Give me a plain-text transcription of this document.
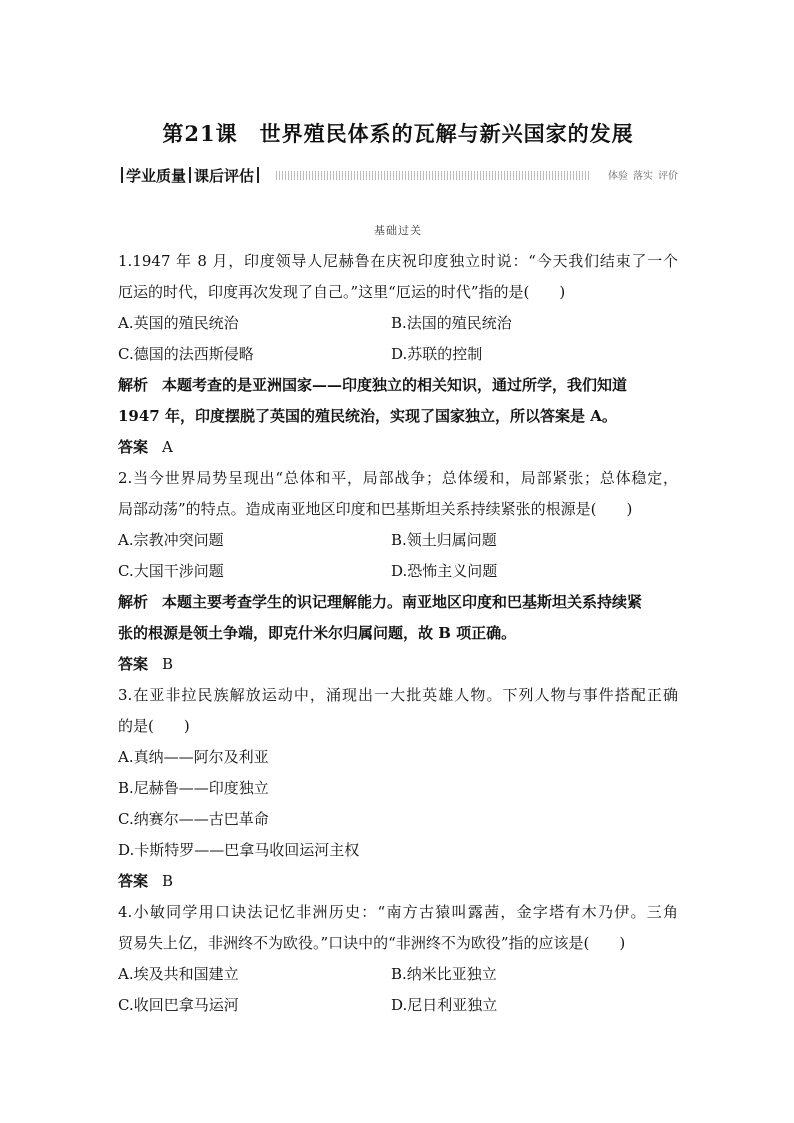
第21课　世界殖民体系的瓦解与新兴国家的发展
学业质量 课后评估	体验 落实 评价
基础过关
1.1947 年 8 月，印度领导人尼赫鲁在庆祝印度独立时说：“今天我们结束了一个
厄运的时代，印度再次发现了自己。”这里“厄运的时代”指的是(　　)
A.英国的殖民统治	B.法国的殖民统治
C.德国的法西斯侵略	D.苏联的控制
解析 本题考查的是亚洲国家——印度独立的相关知识，通过所学，我们知道
1947 年，印度摆脱了英国的殖民统治，实现了国家独立，所以答案是 A。
答案 A
2.当今世界局势呈现出“总体和平，局部战争；总体缓和，局部紧张；总体稳定，
局部动荡”的特点。造成南亚地区印度和巴基斯坦关系持续紧张的根源是(　　)
A.宗教冲突问题	B.领土归属问题
C.大国干涉问题	D.恐怖主义问题
解析 本题主要考查学生的识记理解能力。南亚地区印度和巴基斯坦关系持续紧
张的根源是领土争端，即克什米尔归属问题，故 B 项正确。
答案 B
3.在亚非拉民族解放运动中，涌现出一大批英雄人物。下列人物与事件搭配正确
的是(　　)
A.真纳——阿尔及利亚
B.尼赫鲁——印度独立
C.纳赛尔——古巴革命
D.卡斯特罗——巴拿马收回运河主权
答案 B
4.小敏同学用口诀法记忆非洲历史：“南方古猿叫露茜，金字塔有木乃伊。三角
贸易失上亿，非洲终不为欧役。”口诀中的“非洲终不为欧役”指的应该是(　　)
A.埃及共和国建立	B.纳米比亚独立
C.收回巴拿马运河	D.尼日利亚独立
